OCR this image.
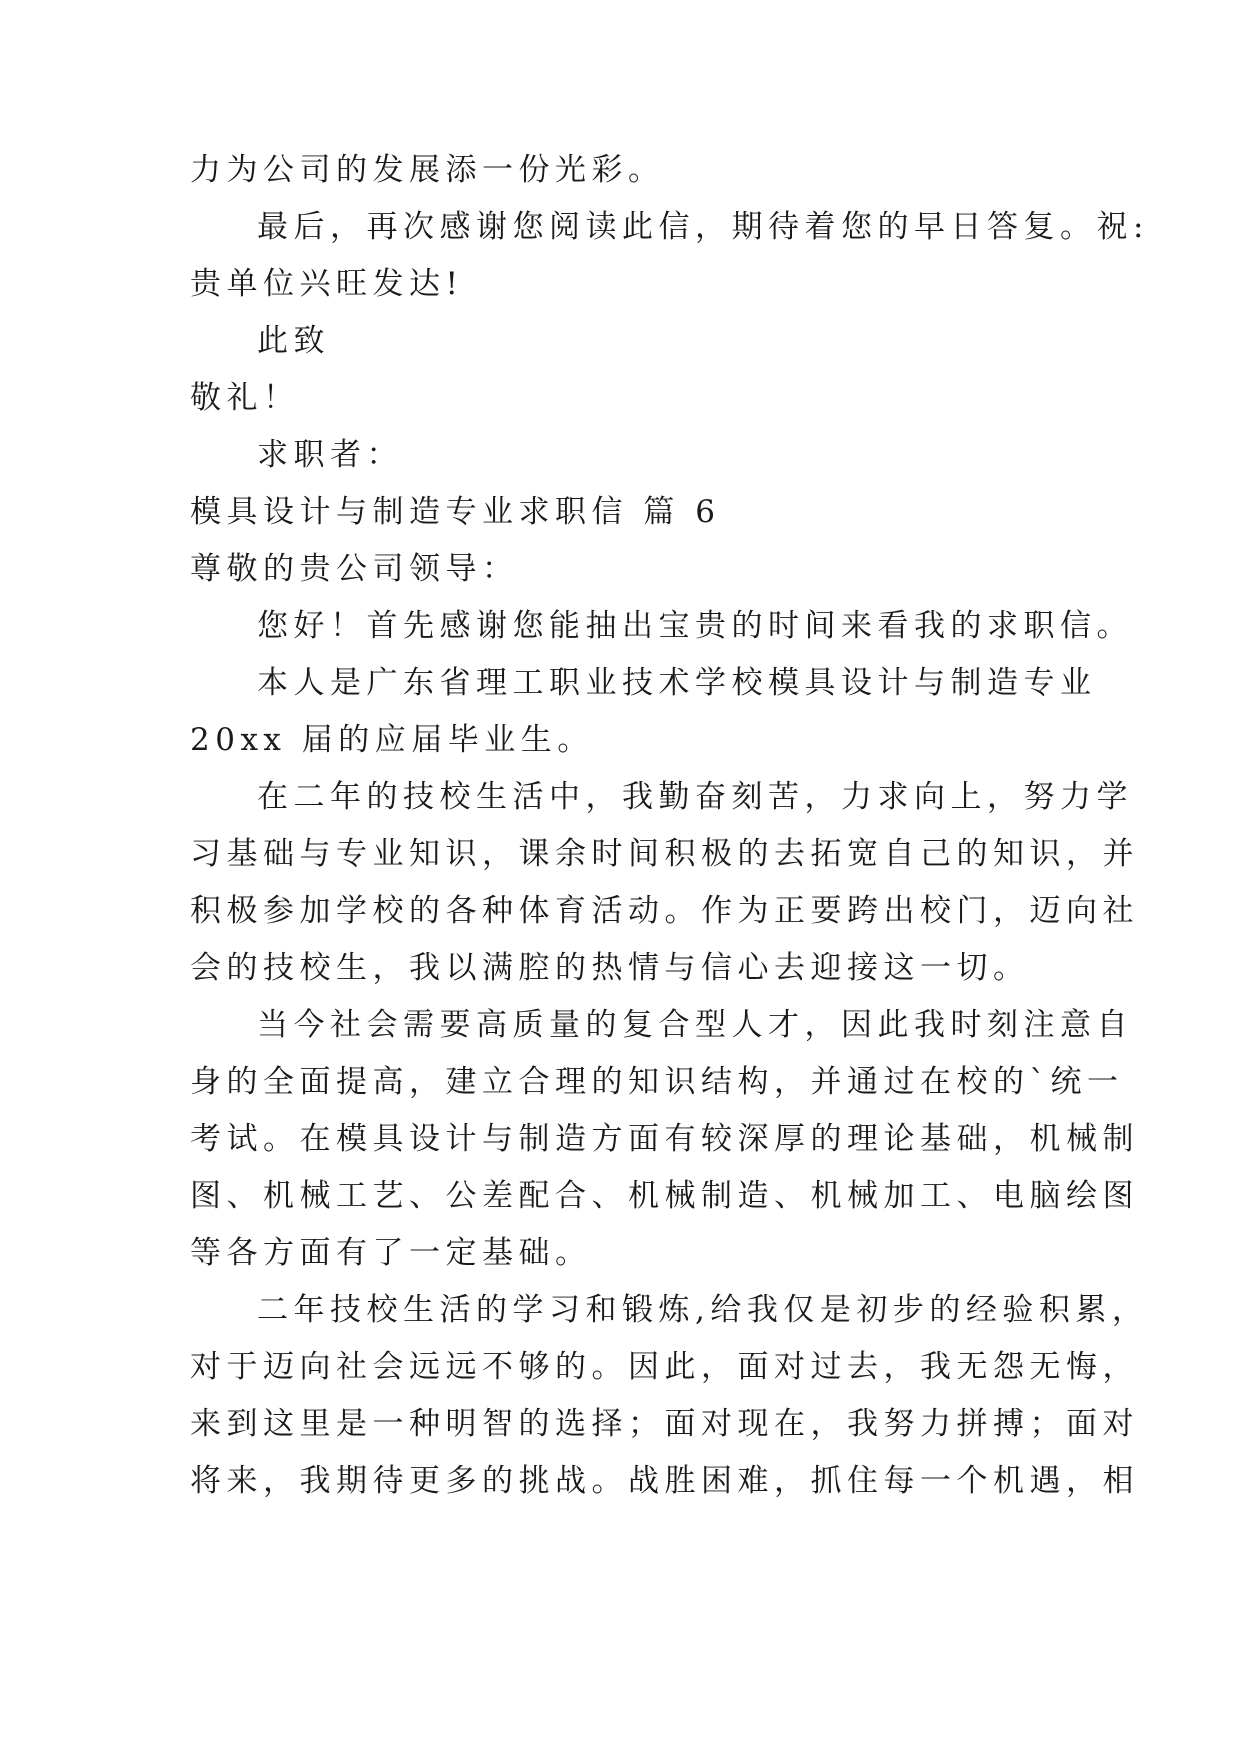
力为公司的发展添一份光彩。
最后，再次感谢您阅读此信，期待着您的早日答复。祝:
贵单位兴旺发达!
此致
敬礼！
求职者：
模具设计与制造专业求职信 篇 6
尊敬的贵公司领导：
您好！首先感谢您能抽出宝贵的时间来看我的求职信。
本人是广东省理工职业技术学校模具设计与制造专业
20xx 届的应届毕业生。
在二年的技校生活中，我勤奋刻苦，力求向上，努力学
习基础与专业知识，课余时间积极的去拓宽自己的知识，并
积极参加学校的各种体育活动。作为正要跨出校门，迈向社
会的技校生，我以满腔的热情与信心去迎接这一切。
当今社会需要高质量的复合型人才，因此我时刻注意自
身的全面提高，建立合理的知识结构，并通过在校的`统一
考试。在模具设计与制造方面有较深厚的理论基础，机械制
图、机械工艺、公差配合、机械制造、机械加工、电脑绘图
等各方面有了一定基础。
二年技校生活的学习和锻炼,给我仅是初步的经验积累，
对于迈向社会远远不够的。因此，面对过去，我无怨无悔，
来到这里是一种明智的选择；面对现在，我努力拼搏；面对
将来，我期待更多的挑战。战胜困难，抓住每一个机遇，相
